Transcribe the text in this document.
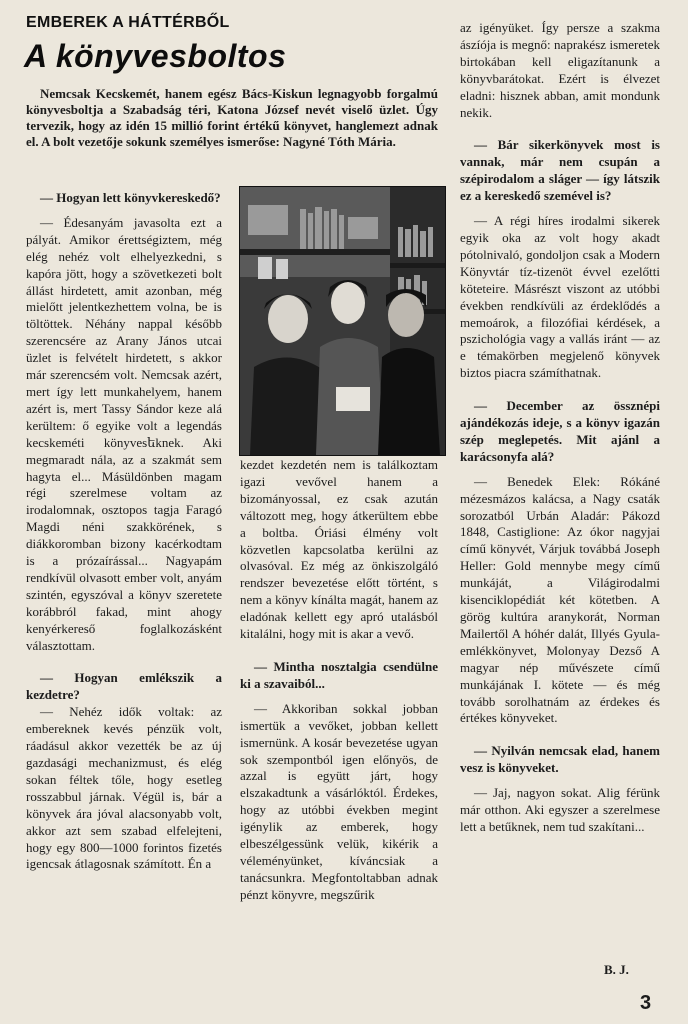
EMBEREK A HÁTTÉRBŐL
A könyvesboltos

Nemcsak Kecskemét, hanem egész Bács-Kiskun legnagyobb forgalmú könyvesboltja a Szabadság téri, Katona József nevét viselő üzlet. Úgy tervezik, hogy az idén 15 millió forint értékű könyvet, hanglemezt adnak el. A bolt vezetője sokunk személyes ismerőse: Nagyné Tóth Mária.

— Hogyan lett könyvkereskedő?

— Édesanyám javasolta ezt a pályát. Amikor érettségiztem, még elég nehéz volt elhelyezkedni, s kapóra jött, hogy a szövetkezeti bolt állást hirdetett, amit azonban, még mielőtt jelentkezhettem volna, be is töltöttek. Néhány nappal később szerencsére az Arany János utcai üzlet is felvételt hirdetett, s akkor már szerencsém volt. Nemcsak azért, mert így lett munkahelyem, hanem azért is, mert Tassy Sándor keze alá kerültem: ő egyike volt a legendás kecskeméti könyvesեknek. Aki megmaradt nála, az a szakmát sem hagyta el... Másüldönben magam régi szerelmese voltam az irodalomnak, osztopos tagja Faragó Magdi néni szakkörének, s diákkorombаn bizony kacérkodtam is a prózaírással... Nagyapám rendkívül olvasott ember volt, anyám szintén, egyszóval a könyv szeretete korábbról fakad, mint ahogy kenyérkereső foglalkozásként választottam.

— Hogyan emlékszik a kezdetre?

— Nehéz idők voltak: az embereknek kevés pénzük volt, ráadásul akkor vezették be az új gazdasági mechanizmust, és elég sokan féltek tőle, hogy esetleg rosszabbul járnak. Végül is, bár a könyvek ára jóval alacsonyabb volt, akkor azt sem szabad elfelejteni, hogy egy 800—1000 forintos fizetés igencsak átlagosnak számított. Én a

kezdet kezdetén nem is találkoztam igazi vevővel hanem a bizományossal, ez csak azután változott meg, hogy átkerültem ebbe a boltba. Óriási élmény volt közvetlen kapcsolatba kerülni az olvasóval. Ez még az önkiszolgáló rendszer bevezetése előtt történt, s nem a könyv kínálta magát, hanem az eladónak kellett egy apró utalásból kitalálni, hogy mit is akar a vevő.

— Mintha nosztalgia csendülne ki a szavaiból...

— Akkoriban sokkal jobban ismertük a vevőket, jobban kellett ismernünk. A kosár bevezetése ugyan sok szempontból igen előnyös, de azzal is együtt járt, hogy elszakadtunk a vásárlóktól. Érdekes, hogy az utóbbi években megint igénylik az emberek, hogy elbeszélgessünk velük, kikérik a véleményünket, kíváncsiak a tanácsunkra. Megfontoltabban adnak pénzt könyvre, megszűrik

az igényüket. Így persze a szakma ászíója is megnő: naprakész ismeretek birtokában kell eligazítanunk a könyvbarátokat. Ezért is élvezet eladni: hisznek abban, amit mondunk nekik.

— Bár sikerkönyvek most is vannak, már nem csupán a szépirodalom a sláger — így látszik ez a kereskedő szemével is?

— A régi híres irodalmi sikerek egyik oka az volt hogy akadt pótolnivaló, gondoljon csak a Modern Könyvtár tíz-tizenöt évvel ezelőtti köteteire. Másrészt viszont az utóbbi években rendkívüli az érdeklődés a memoárok, a filozófiai kérdések, a pszichológia vagy a vallás iránt — az e témakörben megjelenő könyvek biztos piacra számíthatnak.

— December az össznépi ajándékozás ideje, s a könyv igazán szép meglepetés. Mit ajánl a karácsonyfa alá?

— Benedek Elek: Rókáné mézesmázos kalácsa, a Nagy csaták sorozatból Urbán Aladár: Pákozd 1848, Castiglione: Az ókor nagyjai című könyvét, Várjuk továbbá Joseph Heller: Gold mennybe megy című munkáját, a Világirodalmi kisenciklopédiát két kötetben. A görög kultúra aranykorát, Norman Mailertől A hóhér dalát, Illyés Gyula-emlékkönyvet, Molonyay Dezső A magyar nép művészete című munkájának I. kötete — és még tovább sorolhatnám az érdekes és értékes könyveket.

— Nyilván nemcsak elad, hanem vesz is könyveket.

— Jaj, nagyon sokat. Alig férünk már otthon. Aki egyszer a szerelmese lett a betűknek, nem tud szakítani...

B. J.
3
